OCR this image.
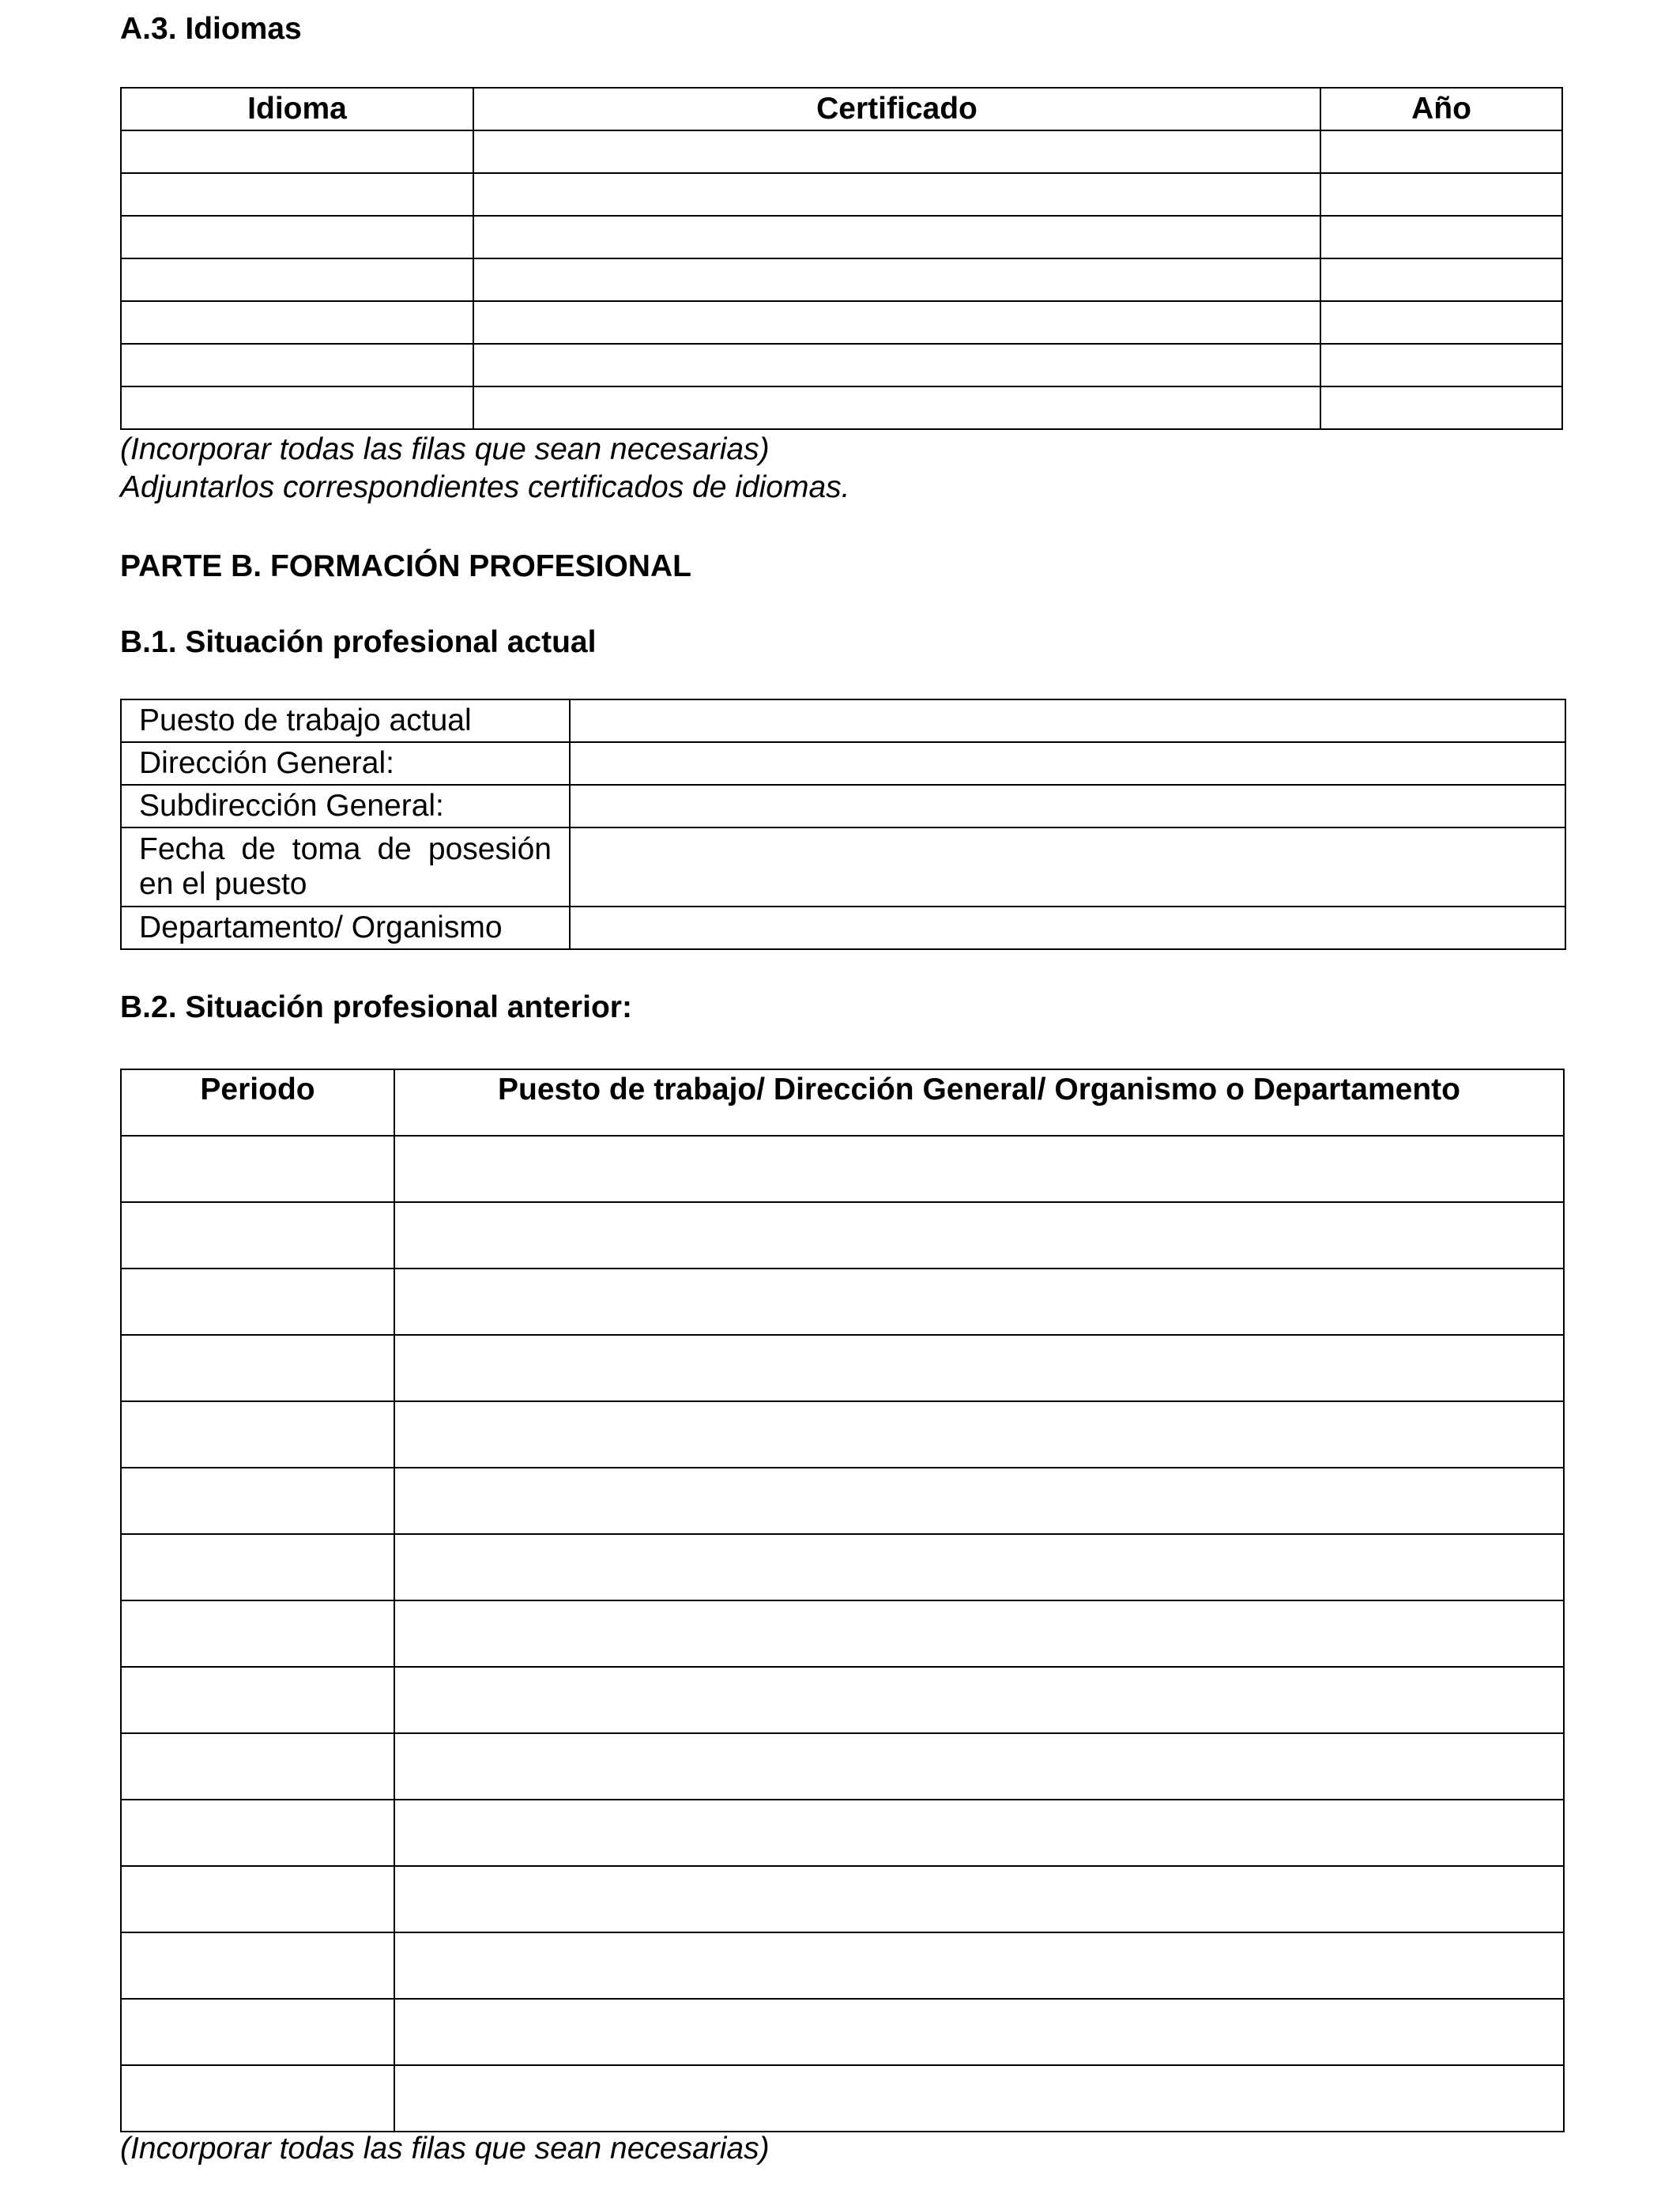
A.3. Idiomas
Idioma	Certificado	Año

(Incorporar todas las filas que sean necesarias)
Adjuntarlos correspondientes certificados de idiomas.
PARTE B. FORMACIÓN PROFESIONAL
B.1. Situación profesional actual
Puesto de trabajo actual	
Dirección General:	
Subdirección General:	
Fecha de toma de posesión en el puesto	
Departamento/ Organismo	
B.2. Situación profesional anterior:
Periodo	Puesto de trabajo/ Dirección General/ Organismo o Departamento

(Incorporar todas las filas que sean necesarias)
